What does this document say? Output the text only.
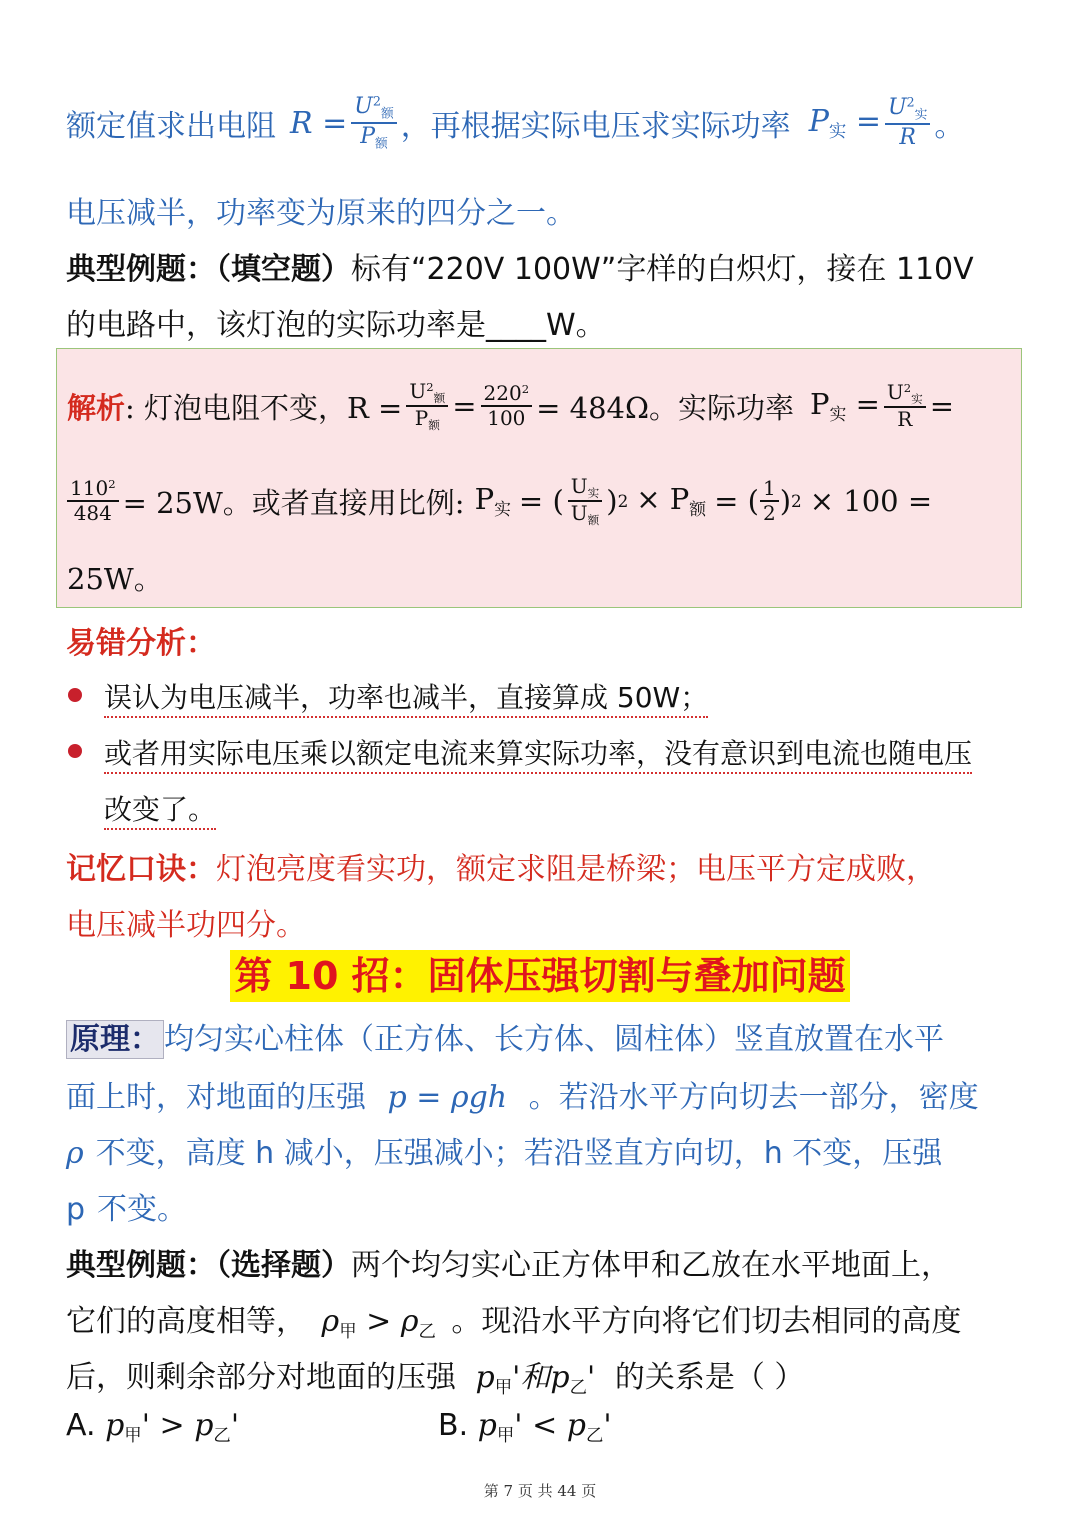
额定值求出电阻 $R = \frac{U^2_额}{P_额}$ ，再根据实际电压求实际功率 $P_实 = \frac{U^2_实}{R}$ 。
电压减半，功率变为原来的四分之一。
典型例题：（填空题）标有“220V 100W”字样的白炽灯，接在 110V
的电路中，该灯泡的实际功率是____W。
解析 : 灯泡电阻不变，$R = \frac{U^2_额}{P_额} = \frac{220^2}{100} = 484\Omega$。实际功率 $P_实 = \frac{U^2_实}{R}$ =
$\frac{110^2}{484} = 25W$。或者直接用比例: $P_实$ = ( $\frac{U_实}{U_额}$ ) $2 \times P_额$ = ( $\frac{1}{2}$ ) 2 × 100 =
25W。
易错分析：
误认为电压减半，功率也减半，直接算成 50W；
或者用实际电压乘以额定电流来算实际功率，没有意识到电流也随电压
改变了。
记忆口诀：灯泡亮度看实功，额定求阻是桥梁；电压平方定成败，
电压减半功四分。
第 10 招：固体压强切割与叠加问题
原理： 均匀实心柱体（正方体、长方体、圆柱体）竖直放置在水平
面上时，对地面的压强 p = ρgℎ 。若沿水平方向切去一部分，密度
ρ 不变，高度 h 减小，压强减小；若沿竖直方向切，h 不变，压强
p 不变。
典型例题：（选择题）两个均匀实心正方体甲和乙放在水平地面上，
它们的高度相等， $\rho_甲 > \rho_乙$ 。现沿水平方向将它们切去相同的高度
后，则剩余部分对地面的压强 $p_甲'$和$p_乙'$ 的关系是（ ）
A. $p_甲' > p_乙'$	B. $p_甲' < p_乙'$
第 7 页 共 44 页
